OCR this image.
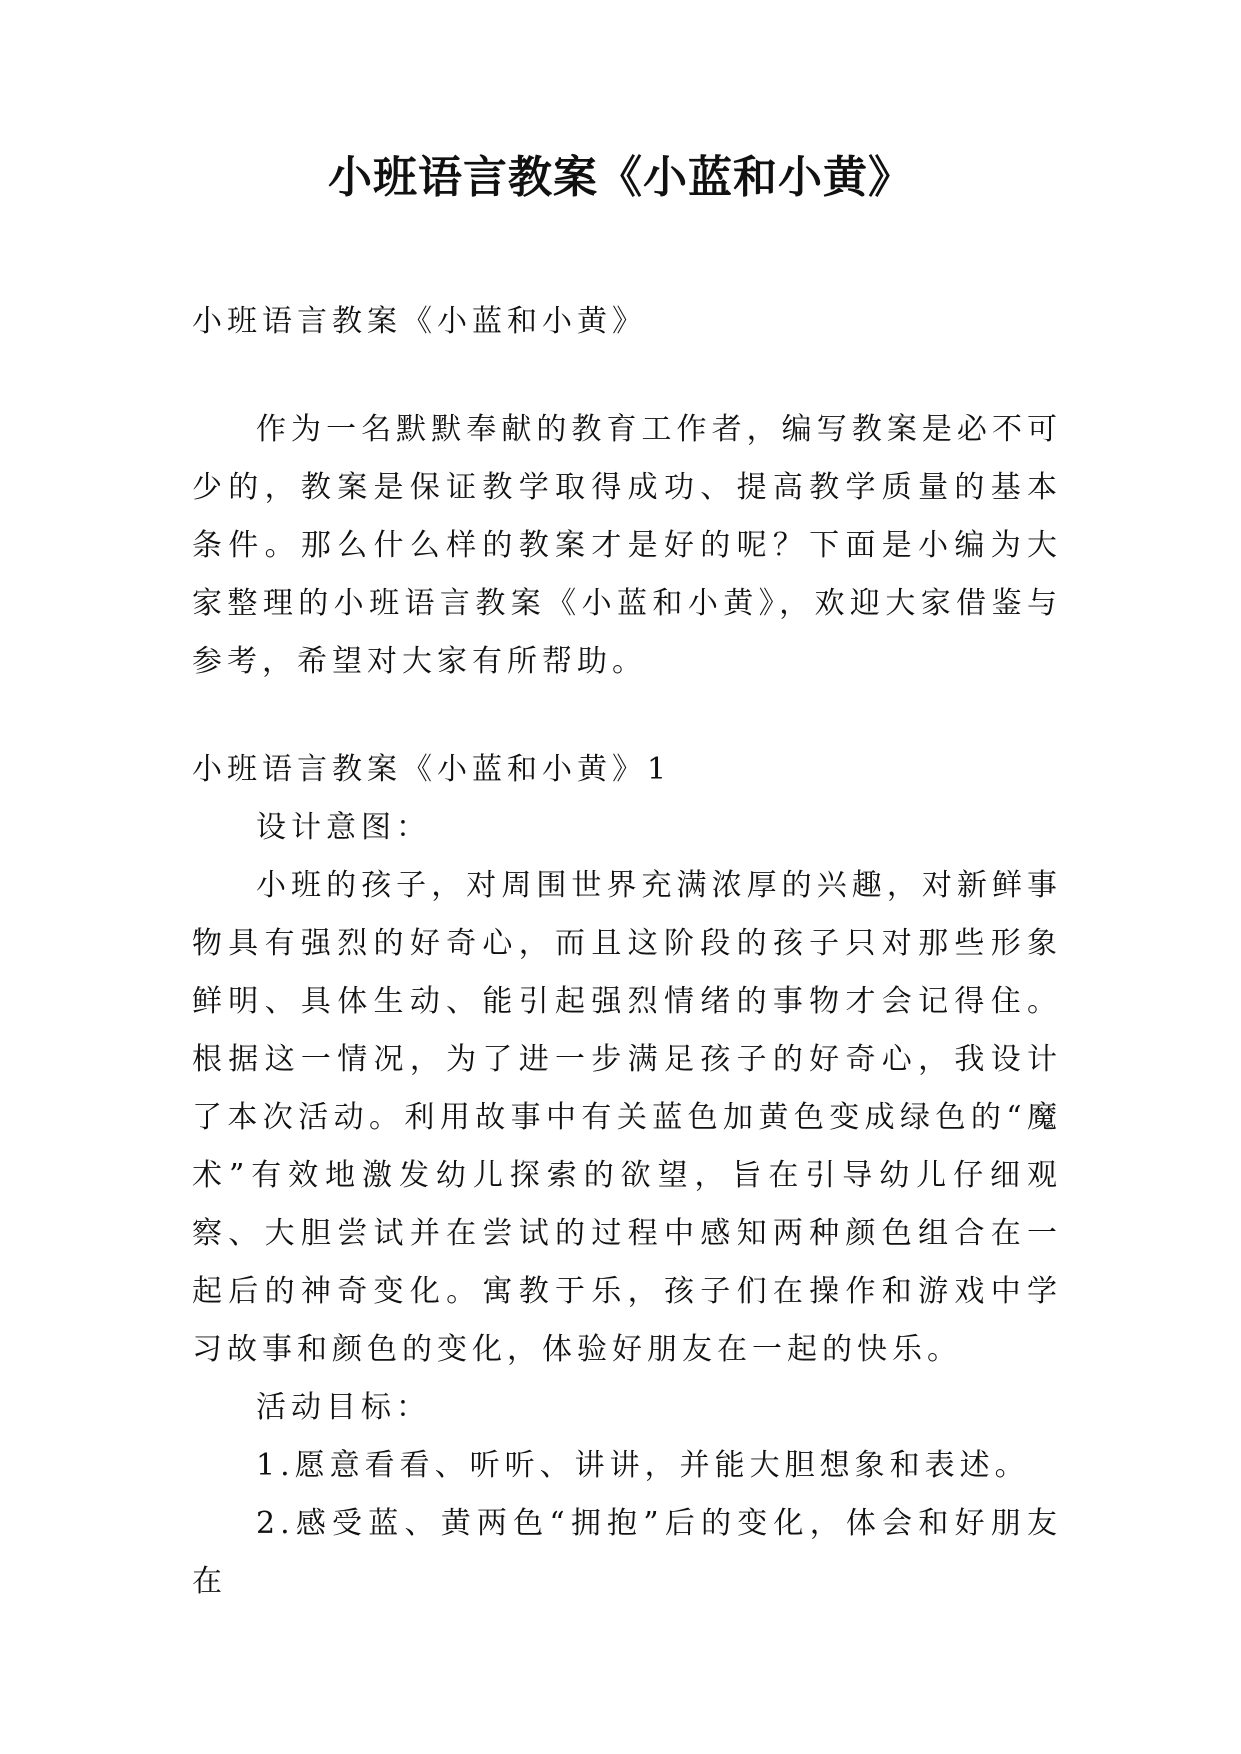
小班语言教案《小蓝和小黄》

小班语言教案《小蓝和小黄》

作为一名默默奉献的教育工作者，编写教案是必不可少的，教案是保证教学取得成功、提高教学质量的基本条件。那么什么样的教案才是好的呢？下面是小编为大家整理的小班语言教案《小蓝和小黄》，欢迎大家借鉴与参考，希望对大家有所帮助。

小班语言教案《小蓝和小黄》1

设计意图：

小班的孩子，对周围世界充满浓厚的兴趣，对新鲜事物具有强烈的好奇心，而且这阶段的孩子只对那些形象鲜明、具体生动、能引起强烈情绪的事物才会记得住。根据这一情况，为了进一步满足孩子的好奇心，我设计了本次活动。利用故事中有关蓝色加黄色变成绿色的“魔术”有效地激发幼儿探索的欲望，旨在引导幼儿仔细观察、大胆尝试并在尝试的过程中感知两种颜色组合在一起后的神奇变化。寓教于乐，孩子们在操作和游戏中学习故事和颜色的变化，体验好朋友在一起的快乐。

活动目标：

1.愿意看看、听听、讲讲，并能大胆想象和表述。

2.感受蓝、黄两色“拥抱”后的变化，体会和好朋友在
